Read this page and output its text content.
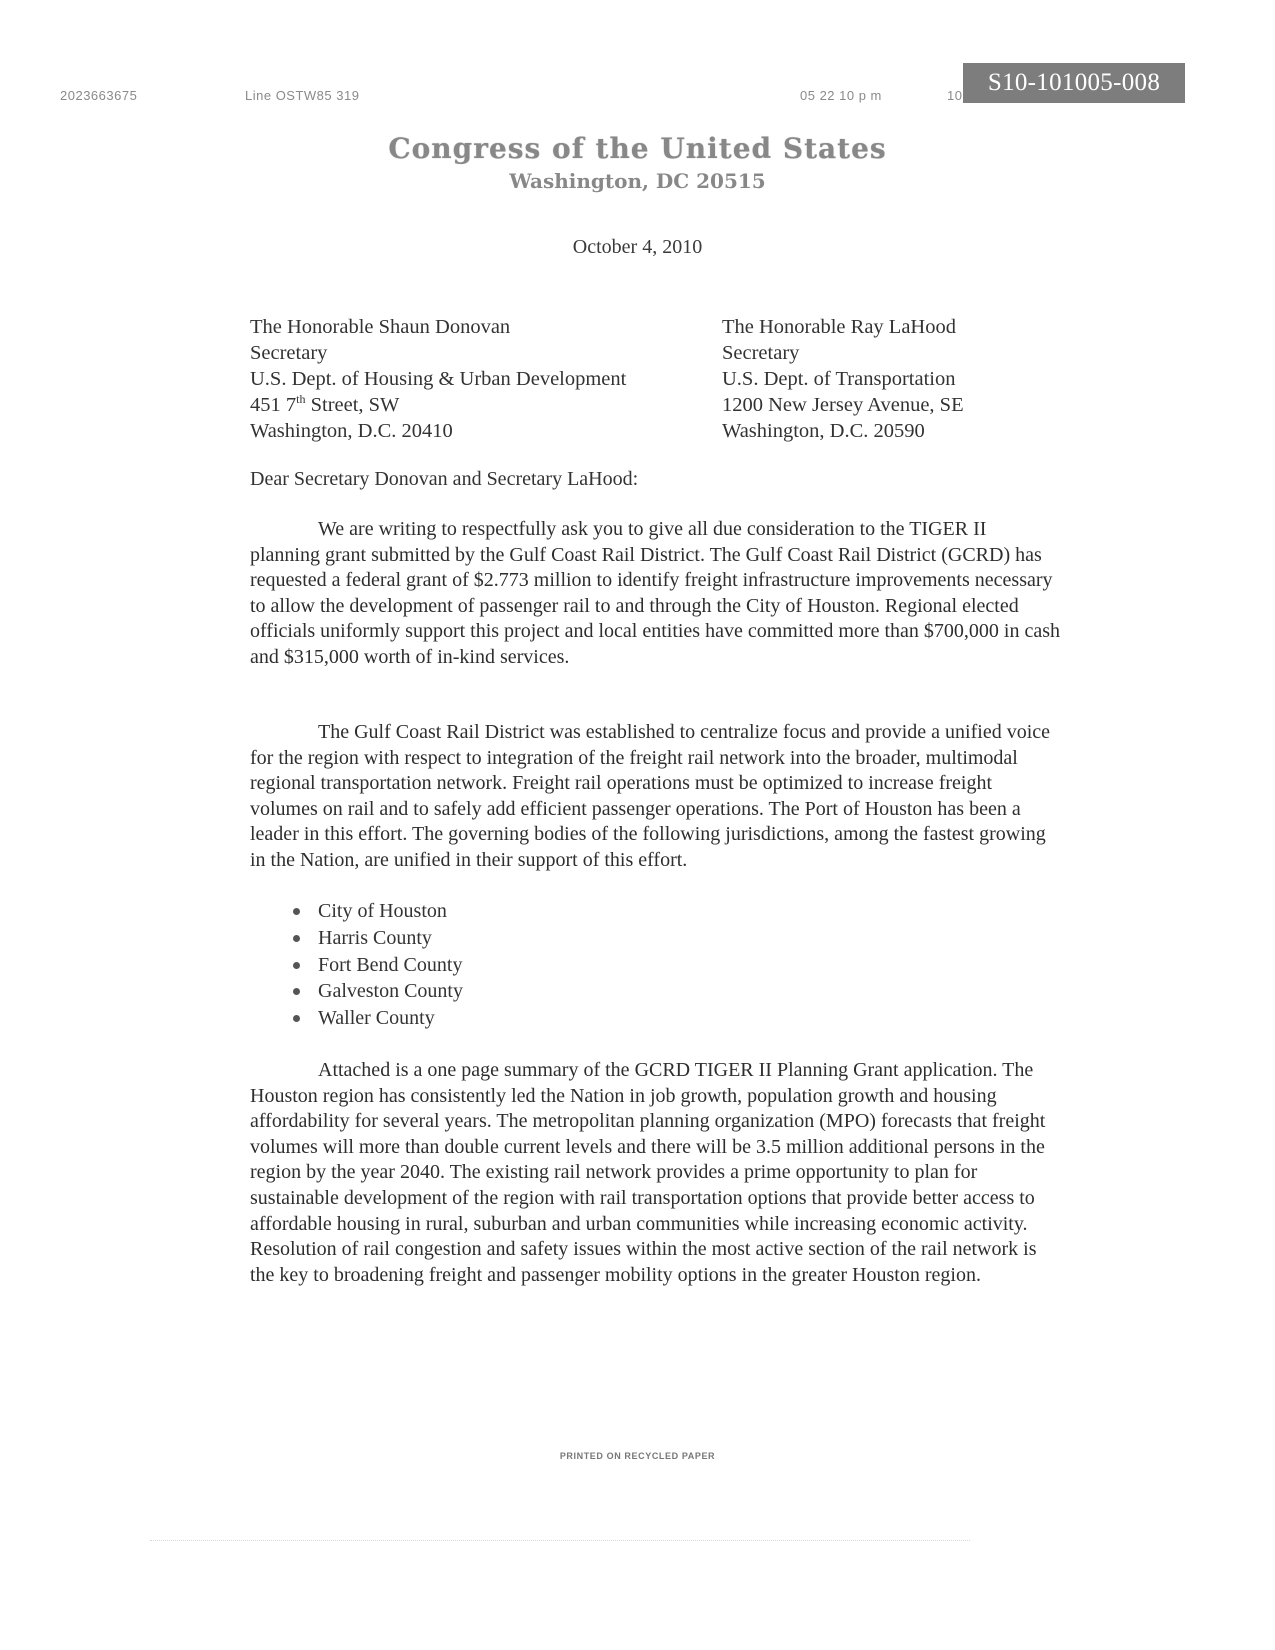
2023663675	Line OSTW85 319	05 22 10 p m	10	S10-101005-008
Congress of the United States
Washington, DC 20515
October 4, 2010
The Honorable Shaun Donovan
Secretary
U.S. Dept. of Housing & Urban Development
451 7th Street, SW
Washington, D.C. 20410
The Honorable Ray LaHood
Secretary
U.S. Dept. of Transportation
1200 New Jersey Avenue, SE
Washington, D.C. 20590
Dear Secretary Donovan and Secretary LaHood:

We are writing to respectfully ask you to give all due consideration to the TIGER II planning grant submitted by the Gulf Coast Rail District. The Gulf Coast Rail District (GCRD) has requested a federal grant of $2.773 million to identify freight infrastructure improvements necessary to allow the development of passenger rail to and through the City of Houston. Regional elected officials uniformly support this project and local entities have committed more than $700,000 in cash and $315,000 worth of in-kind services.

The Gulf Coast Rail District was established to centralize focus and provide a unified voice for the region with respect to integration of the freight rail network into the broader, multimodal regional transportation network. Freight rail operations must be optimized to increase freight volumes on rail and to safely add efficient passenger operations. The Port of Houston has been a leader in this effort. The governing bodies of the following jurisdictions, among the fastest growing in the Nation, are unified in their support of this effort.

City of Houston
Harris County
Fort Bend County
Galveston County
Waller County

Attached is a one page summary of the GCRD TIGER II Planning Grant application. The Houston region has consistently led the Nation in job growth, population growth and housing affordability for several years. The metropolitan planning organization (MPO) forecasts that freight volumes will more than double current levels and there will be 3.5 million additional persons in the region by the year 2040. The existing rail network provides a prime opportunity to plan for sustainable development of the region with rail transportation options that provide better access to affordable housing in rural, suburban and urban communities while increasing economic activity. Resolution of rail congestion and safety issues within the most active section of the rail network is the key to broadening freight and passenger mobility options in the greater Houston region.

PRINTED ON RECYCLED PAPER
